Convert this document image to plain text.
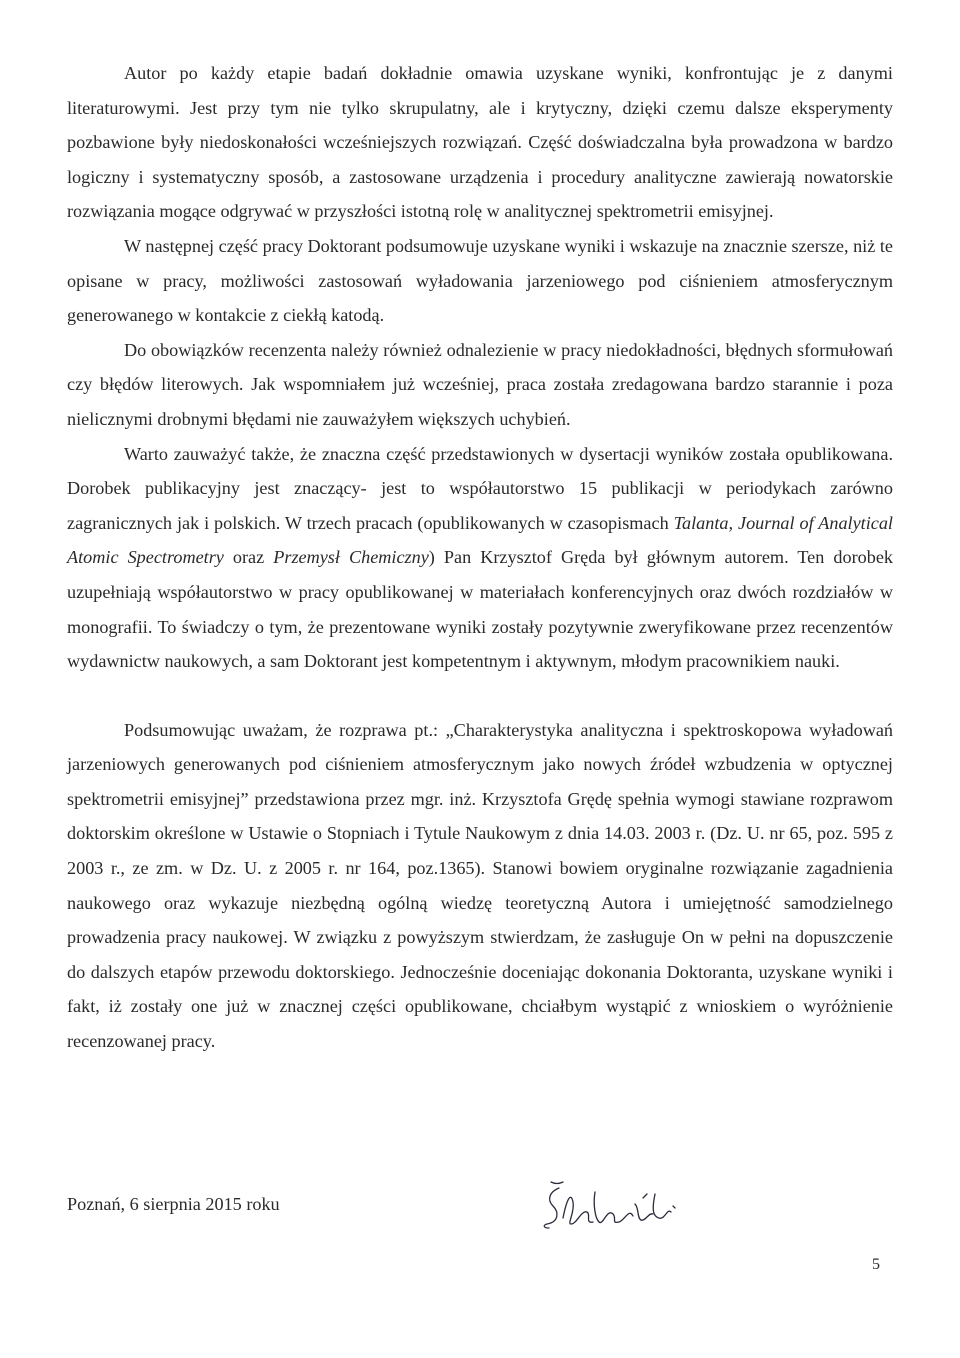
Autor po każdy etapie badań dokładnie omawia uzyskane wyniki, konfrontując je z danymi literaturowymi. Jest przy tym nie tylko skrupulatny, ale i krytyczny, dzięki czemu dalsze eksperymenty pozbawione były niedoskonałości wcześniejszych rozwiązań. Część doświadczalna była prowadzona w bardzo logiczny i systematyczny sposób, a zastosowane urządzenia i procedury analityczne zawierają nowatorskie rozwiązania mogące odgrywać w przyszłości istotną rolę w analitycznej spektrometrii emisyjnej.

W następnej część pracy Doktorant podsumowuje uzyskane wyniki i wskazuje na znacznie szersze, niż te opisane w pracy, możliwości zastosowań wyładowania jarzeniowego pod ciśnieniem atmosferycznym generowanego w kontakcie z ciekłą katodą.

Do obowiązków recenzenta należy również odnalezienie w pracy niedokładności, błędnych sformułowań czy błędów literowych. Jak wspomniałem już wcześniej, praca została zredagowana bardzo starannie i poza nielicznymi drobnymi błędami nie zauważyłem większych uchybień.

Warto zauważyć także, że znaczna część przedstawionych w dysertacji wyników została opublikowana. Dorobek publikacyjny jest znaczący- jest to współautorstwo 15 publikacji w periodykach zarówno zagranicznych jak i polskich. W trzech pracach (opublikowanych w czasopismach Talanta, Journal of Analytical Atomic Spectrometry oraz Przemysł Chemiczny) Pan Krzysztof Gręda był głównym autorem. Ten dorobek uzupełniają współautorstwo w pracy opublikowanej w materiałach konferencyjnych oraz dwóch rozdziałów w monografii. To świadczy o tym, że prezentowane wyniki zostały pozytywnie zweryfikowane przez recenzentów wydawnictw naukowych, a sam Doktorant jest kompetentnym i aktywnym, młodym pracownikiem nauki.

Podsumowując uważam, że rozprawa pt.: „Charakterystyka analityczna i spektroskopowa wyładowań jarzeniowych generowanych pod ciśnieniem atmosferycznym jako nowych źródeł wzbudzenia w optycznej spektrometrii emisyjnej” przedstawiona przez mgr. inż. Krzysztofa Grędę spełnia wymogi stawiane rozprawom doktorskim określone w Ustawie o Stopniach i Tytule Naukowym z dnia 14.03. 2003 r. (Dz. U. nr 65, poz. 595 z 2003 r., ze zm. w Dz. U. z 2005 r. nr 164, poz.1365). Stanowi bowiem oryginalne rozwiązanie zagadnienia naukowego oraz wykazuje niezbędną ogólną wiedzę teoretyczną Autora i umiejętność samodzielnego prowadzenia pracy naukowej. W związku z powyższym stwierdzam, że zasługuje On w pełni na dopuszczenie do dalszych etapów przewodu doktorskiego. Jednocześnie doceniając dokonania Doktoranta, uzyskane wyniki i fakt, iż zostały one już w znacznej części opublikowane, chciałbym wystąpić z wnioskiem o wyróżnienie recenzowanej pracy.

Poznań, 6 sierpnia 2015 roku
5
